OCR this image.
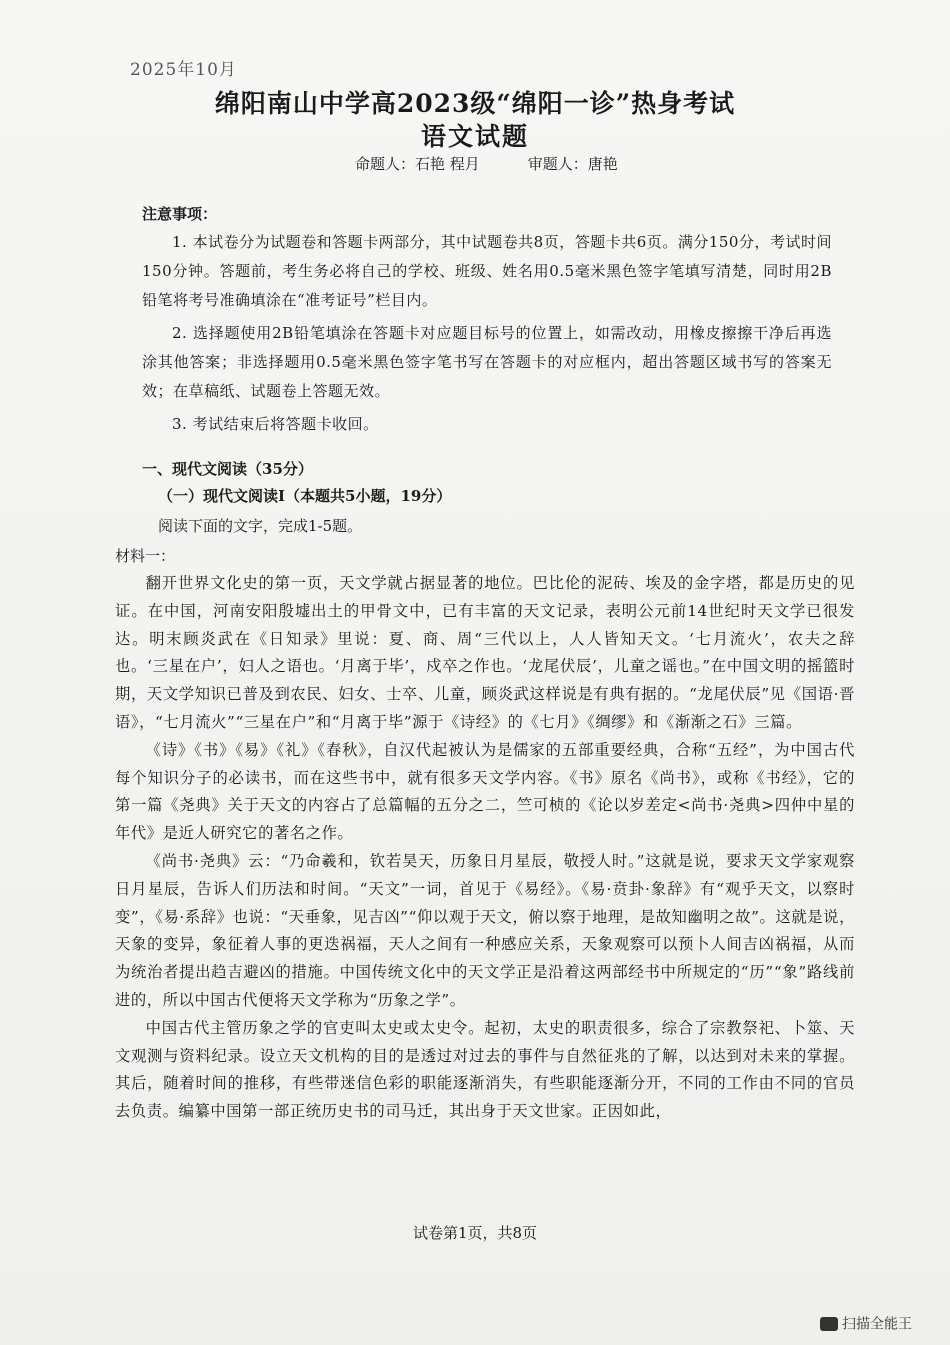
2025年10月
绵阳南山中学高2023级“绵阳一诊”热身考试
语文试题
命题人：石艳 程月	审题人：唐艳
注意事项：

1. 本试卷分为试题卷和答题卡两部分，其中试题卷共8页，答题卡共6页。满分150分，考试时间150分钟。答题前，考生务必将自己的学校、班级、姓名用0.5毫米黑色签字笔填写清楚，同时用2B铅笔将考号准确填涂在“准考证号”栏目内。

2. 选择题使用2B铅笔填涂在答题卡对应题目标号的位置上，如需改动，用橡皮擦擦干净后再选涂其他答案；非选择题用0.5毫米黑色签字笔书写在答题卡的对应框内，超出答题区域书写的答案无效；在草稿纸、试题卷上答题无效。

3. 考试结束后将答题卡收回。

一、现代文阅读（35分）
（一）现代文阅读Ⅰ（本题共5小题，19分）
阅读下面的文字，完成1-5题。
材料一：

翻开世界文化史的第一页，天文学就占据显著的地位。巴比伦的泥砖、埃及的金字塔，都是历史的见证。在中国，河南安阳殷墟出土的甲骨文中，已有丰富的天文记录，表明公元前14世纪时天文学已很发达。明末顾炎武在《日知录》里说：夏、商、周“三代以上，人人皆知天文。‘七月流火’，农夫之辞也。‘三星在户’，妇人之语也。‘月离于毕’，戍卒之作也。‘龙尾伏辰’，儿童之谣也。”在中国文明的摇篮时期，天文学知识已普及到农民、妇女、士卒、儿童，顾炎武这样说是有典有据的。“龙尾伏辰”见《国语·晋语》，“七月流火”“三星在户”和“月离于毕”源于《诗经》的《七月》《绸缪》和《渐渐之石》三篇。

《诗》《书》《易》《礼》《春秋》，自汉代起被认为是儒家的五部重要经典，合称“五经”，为中国古代每个知识分子的必读书，而在这些书中，就有很多天文学内容。《书》原名《尚书》，或称《书经》，它的第一篇《尧典》关于天文的内容占了总篇幅的五分之二，竺可桢的《论以岁差定<尚书·尧典>四仲中星的年代》是近人研究它的著名之作。

《尚书·尧典》云：“乃命羲和，钦若昊天，历象日月星辰，敬授人时。”这就是说，要求天文学家观察日月星辰，告诉人们历法和时间。“天文”一词，首见于《易经》。《易·贲卦·象辞》有“观乎天文，以察时变”，《易·系辞》也说：“天垂象，见吉凶”“仰以观于天文，俯以察于地理，是故知幽明之故”。这就是说，天象的变异，象征着人事的更迭祸福，天人之间有一种感应关系，天象观察可以预卜人间吉凶祸福，从而为统治者提出趋吉避凶的措施。中国传统文化中的天文学正是沿着这两部经书中所规定的“历”“象”路线前进的，所以中国古代便将天文学称为“历象之学”。

中国古代主管历象之学的官吏叫太史或太史令。起初，太史的职责很多，综合了宗教祭祀、卜筮、天文观测与资料纪录。设立天文机构的目的是透过对过去的事件与自然征兆的了解，以达到对未来的掌握。其后，随着时间的推移，有些带迷信色彩的职能逐渐消失，有些职能逐渐分开，不同的工作由不同的官员去负责。编纂中国第一部正统历史书的司马迁，其出身于天文世家。正因如此，

试卷第1页，共8页
扫描全能王
